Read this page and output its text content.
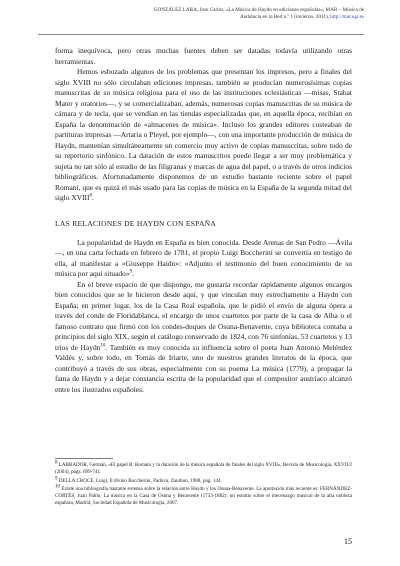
GONZÁLEZ LARA, Jose Carlos, «La Música de Haydn en ediciones españolas», MAR – Música de
Andalucía en la Red n.º 1 (invierno, 2011), http://mar.ugr.es

forma inequívoca, pero otras muchas fuentes deben ser datadas todavía utilizando otras herramientas.

Hemos esbozado algunos de los problemas que presentan los impresos, pero a finales del siglo XVIII no sólo circulaban ediciones impresas, también se producían numerosísimas copias manuscritas de su música religiosa para el uso de las instituciones eclesiásticas —misas, Stabat Mater y oratorios—, y se comercializaban, además, numerosas copias manuscritas de su música de cámara y de tecla, que se vendían en las tiendas especializadas que, en aquella época, recibían en España la denominación de «almacenes de música». Incluso los grandes editores costeaban de partituras impresas —Artaria o Pleyel, por ejemplo—, con una importante producción de música de Haydn, mantenían simultáneamente un comercio muy activo de copias manuscritas, sobre todo de su repertorio sinfónico. La datación de estos manuscritos puede llegar a ser muy problemática y sujeta no tan sólo al estudio de las filigranas y marcas de agua del papel, o a través de otros indicios bibliográficos. Afortunadamente disponemos de un estudio bastante reciente sobre el papel Romaní, que es quizá el más usado para las copias de música en la España de la segunda mitad del siglo XVIII$^8$.

LAS RELACIONES DE HAYDN CON ESPAÑA

La popularidad de Haydn en España es bien conocida. Desde Arenas de San Pedro —Ávila—, en una carta fechada en febrero de 1781, el propio Luigi Boccherini se convertía en testigo de ella, al manifestar a «Giuseppe Haidn»: «Adjunto el testimonio del buen conocimiento de su música por aquí situado»$^9$.

En el breve espacio de que dispongo, me gustaría recordar rápidamente algunos encargos bien conocidos que se le hicieron desde aquí, y que vinculan muy estrechamente a Haydn con España; en primer lugar, los de la Casa Real española, que le pidió el envío de alguna ópera a través del conde de Floridablanca, el encargo de unos cuartetos por parte de la casa de Alba o el famoso contrato que firmó con los condes-duques de Osuna-Benavente, cuya biblioteca contaba a principios del siglo XIX, según el catálogo conservado de 1824, con 76 sinfonías, 53 cuartetos y 13 tríos de Haydn$^{10}$. También es muy conocida su influencia sobre el poeta Juan Antonio Meléndez Valdés y, sobre todo, en Tomás de Iriarte, uno de nuestros grandes literatos de la época, que contribuyó a través de sus obras, especialmente con su poema La música (1779), a propagar la fama de Haydn y a dejar constancia escrita de la popularidad que el compositor austríaco alcanzó entre los ilustrados españoles.

8 LABRADOR, Germán, «El papel R. Romaní y la datación de la música española de finales del siglo XVIII», Revista de Musicología, XXVII/2 (2004), págs. 699-741.

9 DELLA CROCE, Luigi, Il divino Boccherini, Padova, Zanibon, 1988, pág. 144.

10 Existe una bibliografía bastante extensa sobre la relación entre Haydn y los Osuna-Benavente. La aportación más reciente es: FERNÁNDEZ-CORTÉS, Juan Pablo, La música en la Casa de Osuna y Benavente (1733-1882): un estudio sobre el mecenazgo musical de la alta nobleza española, Madrid, Sociedad Española de Musicología, 2007.

15
